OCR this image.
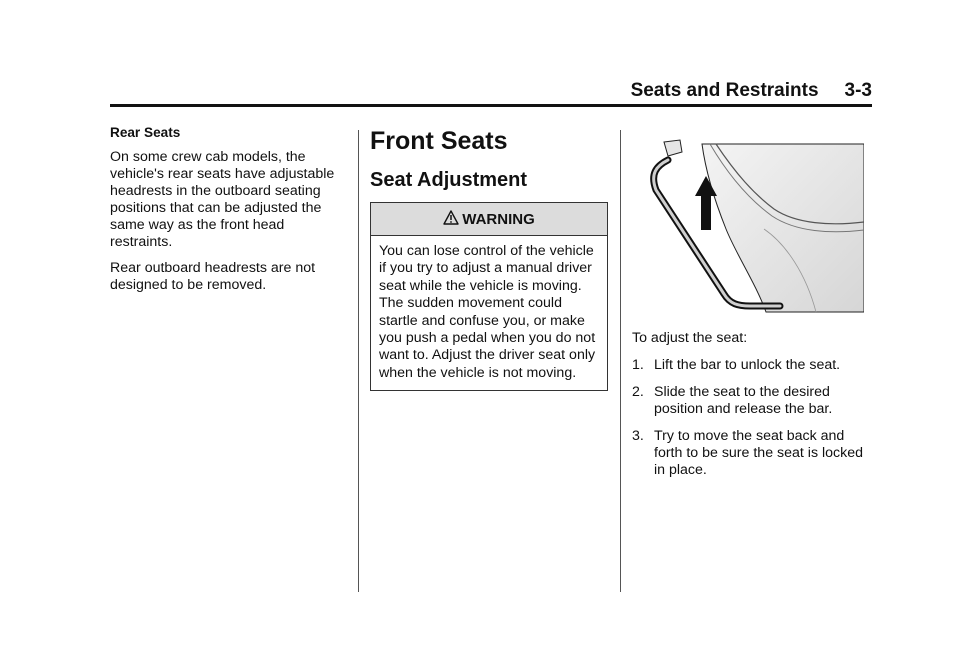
Seats and Restraints 3-3

Rear Seats

On some crew cab models, the vehicle's rear seats have adjustable headrests in the outboard seating positions that can be adjusted the same way as the front head restraints.

Rear outboard headrests are not designed to be removed.

Front Seats
Seat Adjustment
WARNING
You can lose control of the vehicle if you try to adjust a manual driver seat while the vehicle is moving. The sudden movement could startle and confuse you, or make you push a pedal when you do not want to. Adjust the driver seat only when the vehicle is not moving.

To adjust the seat:

1. Lift the bar to unlock the seat.
2. Slide the seat to the desired position and release the bar.
3. Try to move the seat back and forth to be sure the seat is locked in place.
